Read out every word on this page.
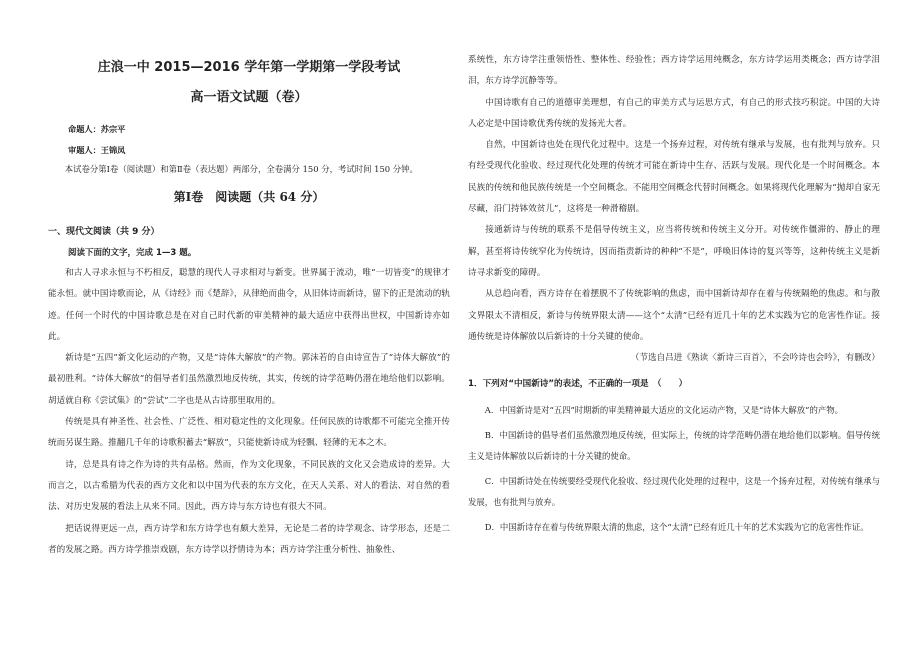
庄浪一中 2015—2016 学年第一学期第一学段考试
高一语文试题（卷）
命题人：苏宗平
审题人：王锦凤
本试卷分第Ⅰ卷（阅读题）和第Ⅱ卷（表达题）两部分，全卷满分 150 分，考试时间 150 分钟。
第Ⅰ卷　阅读题（共 64 分）
一、现代文阅读（共 9 分）
阅读下面的文字，完成 1—3 题。

和古人寻求永恒与不朽相反，聪慧的现代人寻求相对与新变。世界属于流动，唯“一切皆变”的规律才能永恒。就中国诗歌而论，从《诗经》而《楚辞》，从律绝而曲令，从旧体诗而新诗，留下的正是流动的轨迹。任何一个时代的中国诗歌总是在对自己时代新的审美精神的最大适应中获得出世权，中国新诗亦如此。

新诗是“五四”新文化运动的产物，又是“诗体大解放”的产物。郭沫若的自由诗宣告了“诗体大解放”的最初胜利。“诗体大解放”的倡导者们虽然激烈地反传统，其实，传统的诗学范畴仍潜在地给他们以影响。胡适就自称《尝试集》的“尝试”二字也是从古诗那里取用的。

传统是具有神圣性、社会性、广泛性、相对稳定性的文化现象。任何民族的诗歌都不可能完全推开传统而另谋生路。推翻几千年的诗歌积蓄去“解放”，只能使新诗成为轻飘、轻薄的无本之木。

诗，总是具有诗之作为诗的共有品格。然而，作为文化现象，不同民族的文化又会造成诗的差异。大而言之，以古希腊为代表的西方文化和以中国为代表的东方文化，在天人关系、对人的看法、对自然的看法、对历史发展的看法上从来不同。因此，西方诗与东方诗也有很大不同。

把话说得更远一点，西方诗学和东方诗学也有颇大差异，无论是二者的诗学观念、诗学形态，还是二者的发展之路。西方诗学推崇戏剧，东方诗学以抒情诗为本；西方诗学注重分析性、抽象性、

系统性，东方诗学注重领悟性、整体性、经验性；西方诗学运用纯概念，东方诗学运用类概念；西方诗学泪泪，东方诗学沉静等等。

中国诗歌有自己的道德审美理想，有自己的审美方式与运思方式，有自己的形式技巧积淀。中国的大诗人必定是中国诗歌优秀传统的发扬光大者。

自然，中国新诗也处在现代化过程中。这是一个扬弃过程，对传统有继承与发展，也有批判与放弃。只有经受现代化验收、经过现代化处理的传统才可能在新诗中生存、活跃与发展。现代化是一个时间概念。本民族的传统和他民族传统是一个空间概念。不能用空间概念代替时间概念。如果将现代化理解为“抛却自家无尽藏，沿门持钵效贫儿”，这将是一种滑稽剧。

接通新诗与传统的联系不是倡导传统主义，应当将传统和传统主义分开。对传统作僵滞的、静止的理解，甚至将诗传统窄化为传统诗，因而指责新诗的种种“不是”，呼唤旧体诗的复兴等等，这种传统主义是新诗寻求新变的障碍。

从总趋向看，西方诗存在着摆脱不了传统影响的焦虑，而中国新诗却存在着与传统隔绝的焦虑。和与散文界限太不清相反，新诗与传统界限太清——这个“太清”已经有近几十年的艺术实践为它的危害性作证。接通传统是诗体解放以后新诗的十分关键的使命。

（节选自吕进《熟读〈新诗三百首〉，不会吟诗也会吟》，有删改）

1．下列对“中国新诗”的表述，不正确的一项是　（　　）

A．中国新诗是对“五四”时期新的审美精神最大适应的文化运动产物，又是“诗体大解放”的产物。

B．中国新诗的倡导者们虽然激烈地反传统，但实际上，传统的诗学范畴仍潜在地给他们以影响。倡导传统主义是诗体解放以后新诗的十分关键的使命。

C．中国新诗处在传统要经受现代化验收、经过现代化处理的过程中，这是一个扬弃过程，对传统有继承与发展，也有批判与放弃。

D．中国新诗存在着与传统界限太清的焦虑，这个“太清”已经有近几十年的艺术实践为它的危害性作证。
